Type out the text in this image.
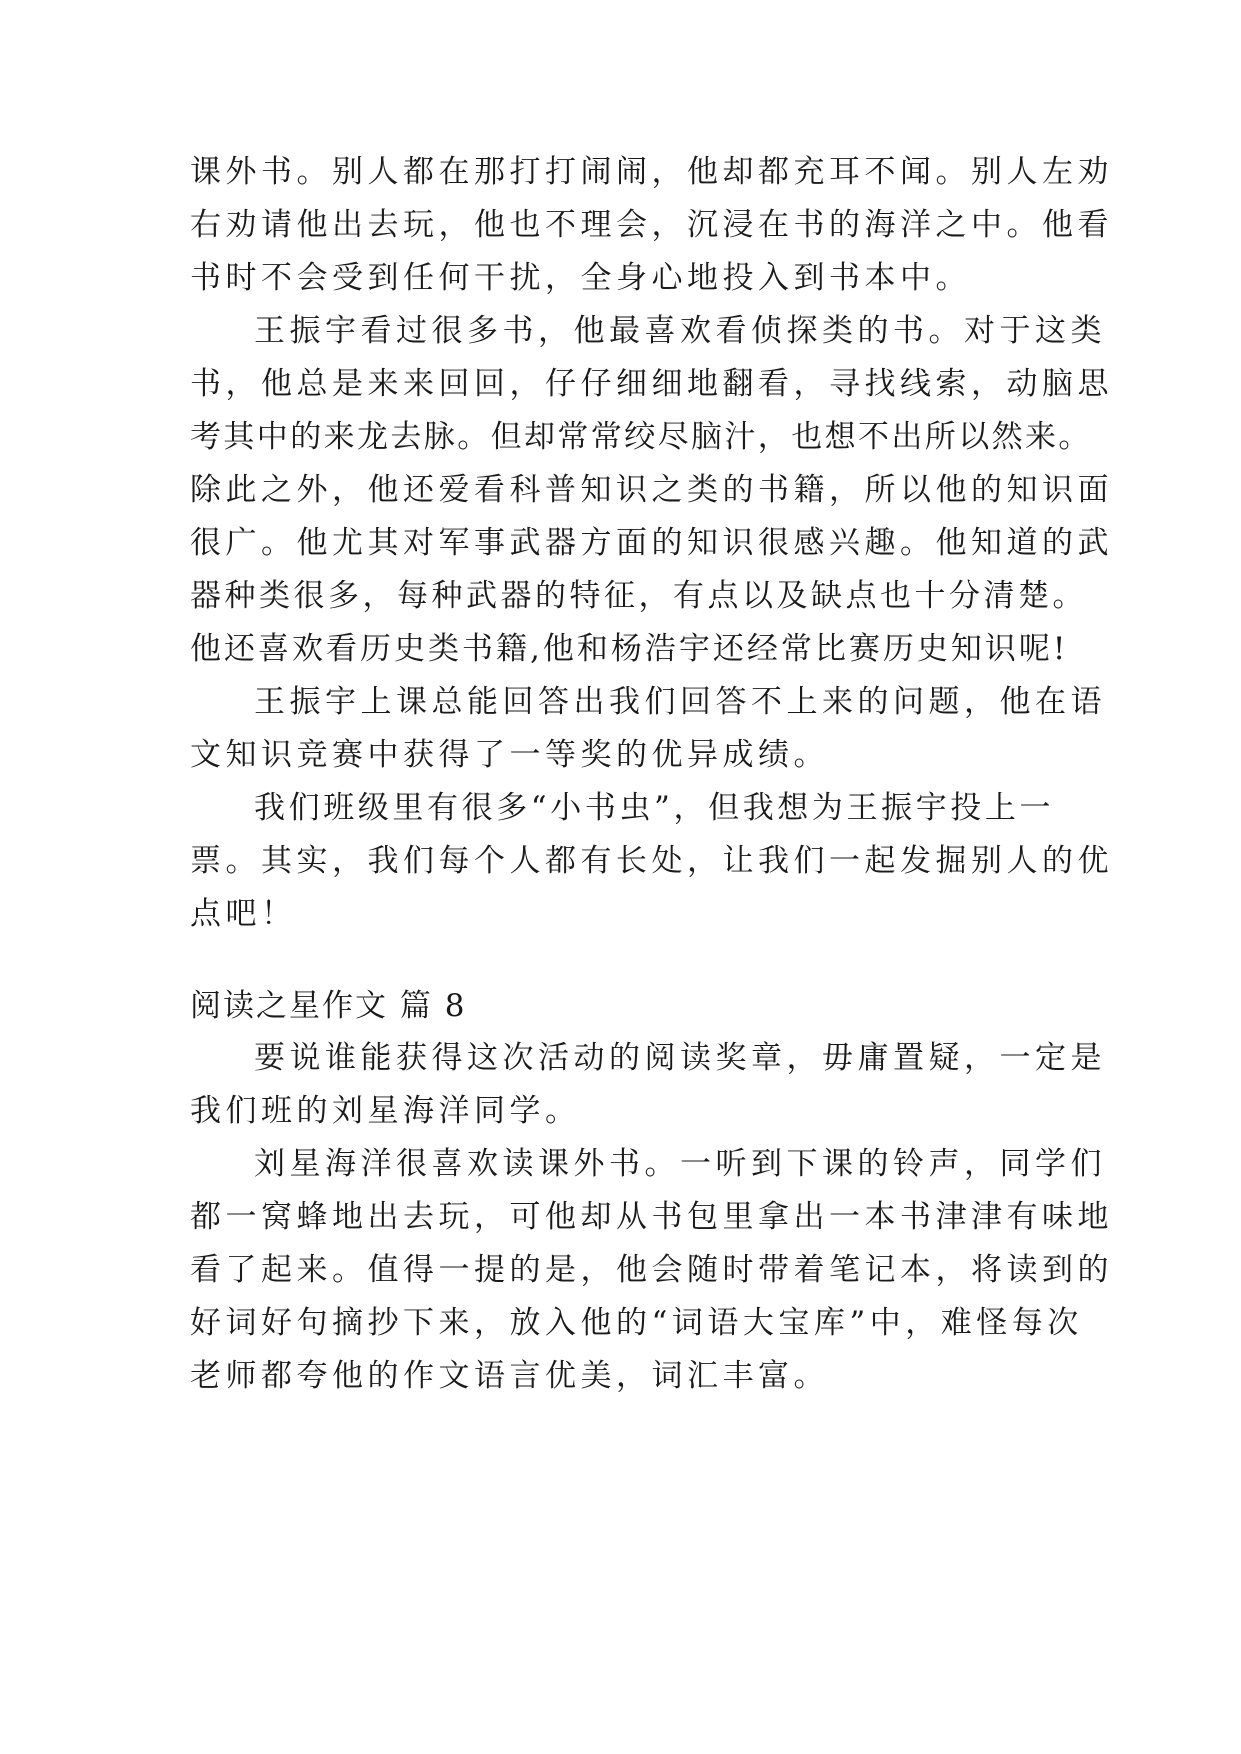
课外书。别人都在那打打闹闹，他却都充耳不闻。别人左劝
右劝请他出去玩，他也不理会，沉浸在书的海洋之中。他看
书时不会受到任何干扰，全身心地投入到书本中。
王振宇看过很多书，他最喜欢看侦探类的书。对于这类
书，他总是来来回回，仔仔细细地翻看，寻找线索，动脑思
考其中的来龙去脉。但却常常绞尽脑汁，也想不出所以然来。
除此之外，他还爱看科普知识之类的书籍，所以他的知识面
很广。他尤其对军事武器方面的知识很感兴趣。他知道的武
器种类很多，每种武器的特征，有点以及缺点也十分清楚。
他还喜欢看历史类书籍,他和杨浩宇还经常比赛历史知识呢!
王振宇上课总能回答出我们回答不上来的问题，他在语
文知识竞赛中获得了一等奖的优异成绩。
我们班级里有很多“小书虫”，但我想为王振宇投上一
票。其实，我们每个人都有长处，让我们一起发掘别人的优
点吧！
阅读之星作文 篇 8
要说谁能获得这次活动的阅读奖章，毋庸置疑，一定是
我们班的刘星海洋同学。
刘星海洋很喜欢读课外书。一听到下课的铃声，同学们
都一窝蜂地出去玩，可他却从书包里拿出一本书津津有味地
看了起来。值得一提的是，他会随时带着笔记本，将读到的
好词好句摘抄下来，放入他的“词语大宝库”中，难怪每次
老师都夸他的作文语言优美，词汇丰富。
